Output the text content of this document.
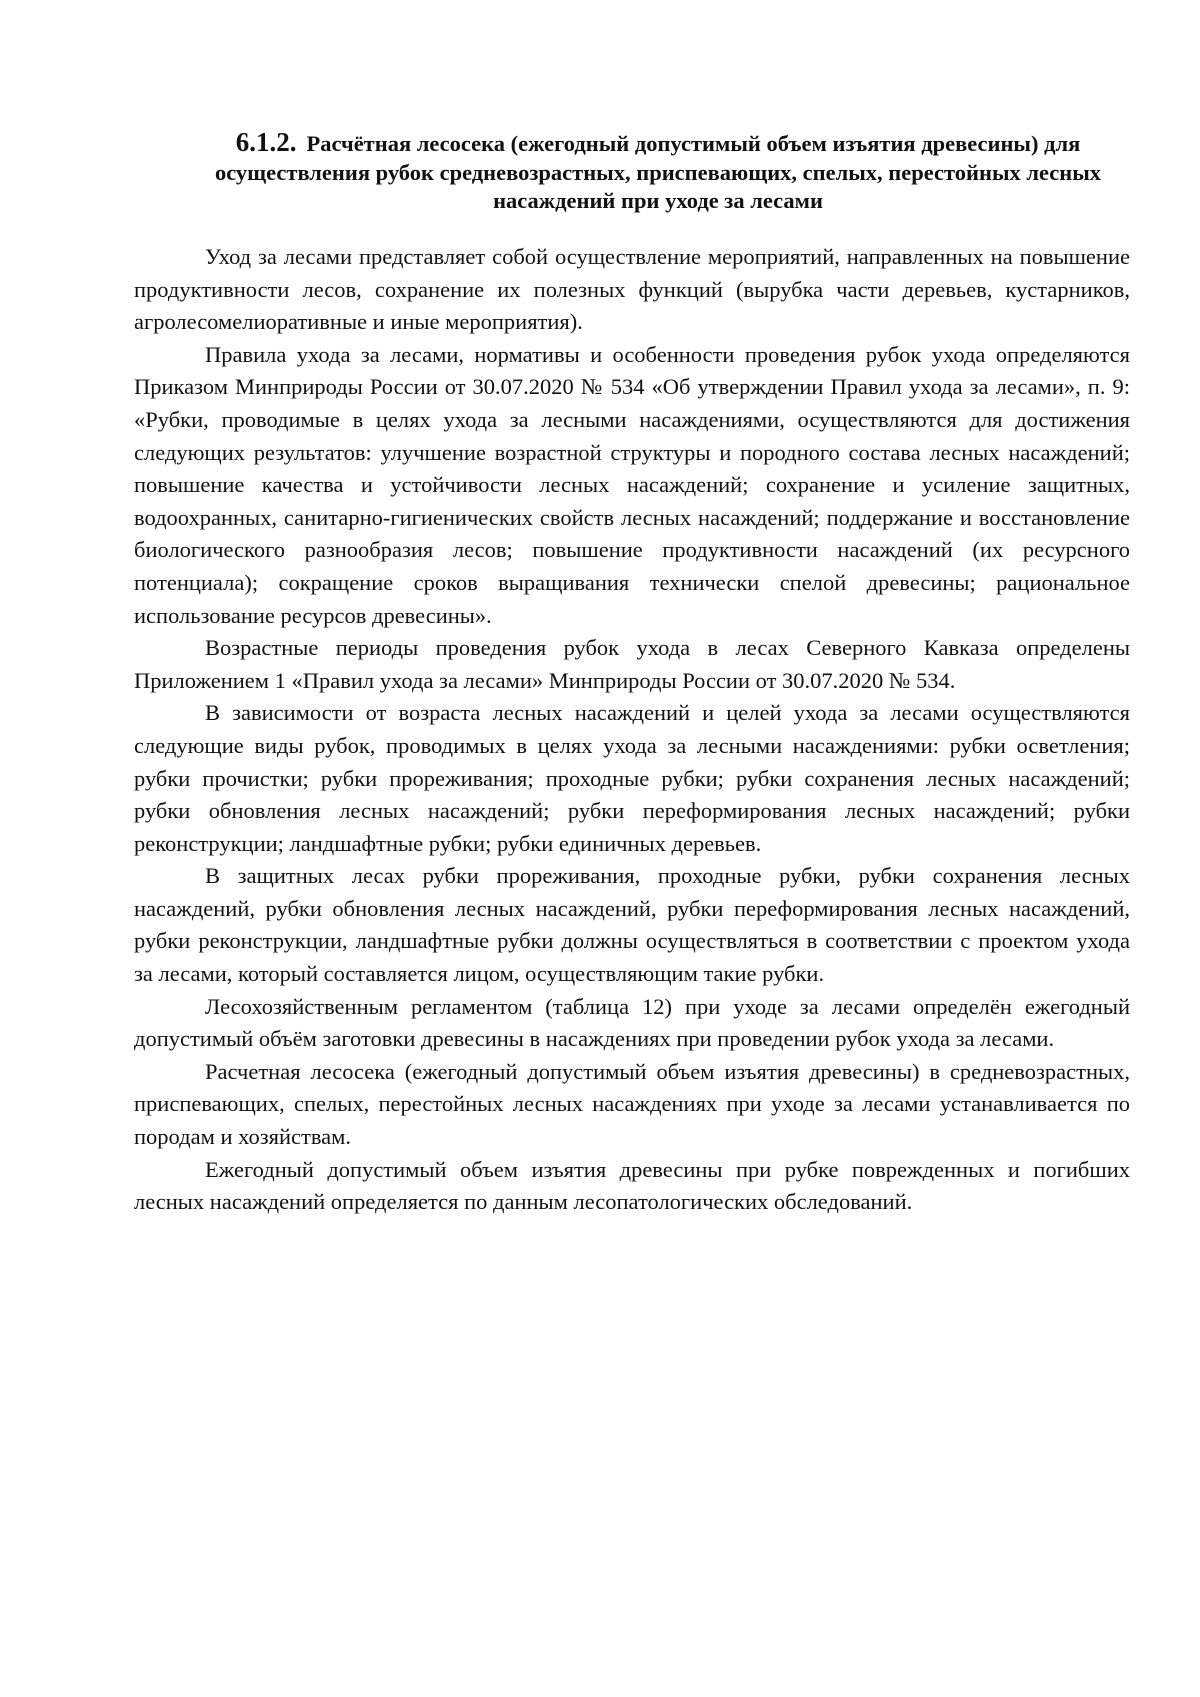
6.1.2. Расчётная лесосека (ежегодный допустимый объем изъятия древесины) для осуществления рубок средневозрастных, приспевающих, спелых, перестойных лесных насаждений при уходе за лесами

Уход за лесами представляет собой осуществление мероприятий, направленных на повышение продуктивности лесов, сохранение их полезных функций (вырубка части деревьев, кустарников, агролесомелиоративные и иные мероприятия).

Правила ухода за лесами, нормативы и особенности проведения рубок ухода определяются Приказом Минприроды России от 30.07.2020 № 534 «Об утверждении Правил ухода за лесами», п. 9: «Рубки, проводимые в целях ухода за лесными насаждениями, осуществляются для достижения следующих результатов: улучшение возрастной структуры и породного состава лесных насаждений; повышение качества и устойчивости лесных насаждений; сохранение и усиление защитных, водоохранных, санитарно-гигиенических свойств лесных насаждений; поддержание и восстановление биологического разнообразия лесов; повышение продуктивности насаждений (их ресурсного потенциала); сокращение сроков выращивания технически спелой древесины; рациональное использование ресурсов древесины».

Возрастные периоды проведения рубок ухода в лесах Северного Кавказа определены Приложением 1 «Правил ухода за лесами» Минприроды России от 30.07.2020 № 534.

В зависимости от возраста лесных насаждений и целей ухода за лесами осуществляются следующие виды рубок, проводимых в целях ухода за лесными насаждениями: рубки осветления; рубки прочистки; рубки прореживания; проходные рубки; рубки сохранения лесных насаждений; рубки обновления лесных насаждений; рубки переформирования лесных насаждений; рубки реконструкции; ландшафтные рубки; рубки единичных деревьев.

В защитных лесах рубки прореживания, проходные рубки, рубки сохранения лесных насаждений, рубки обновления лесных насаждений, рубки переформирования лесных насаждений, рубки реконструкции, ландшафтные рубки должны осуществляться в соответствии с проектом ухода за лесами, который составляется лицом, осуществляющим такие рубки.

Лесохозяйственным регламентом (таблица 12) при уходе за лесами определён ежегодный допустимый объём заготовки древесины в насаждениях при проведении рубок ухода за лесами.

Расчетная лесосека (ежегодный допустимый объем изъятия древесины) в средневозрастных, приспевающих, спелых, перестойных лесных насаждениях при уходе за лесами устанавливается по породам и хозяйствам.

Ежегодный допустимый объем изъятия древесины при рубке поврежденных и погибших лесных насаждений определяется по данным лесопатологических обследований.
